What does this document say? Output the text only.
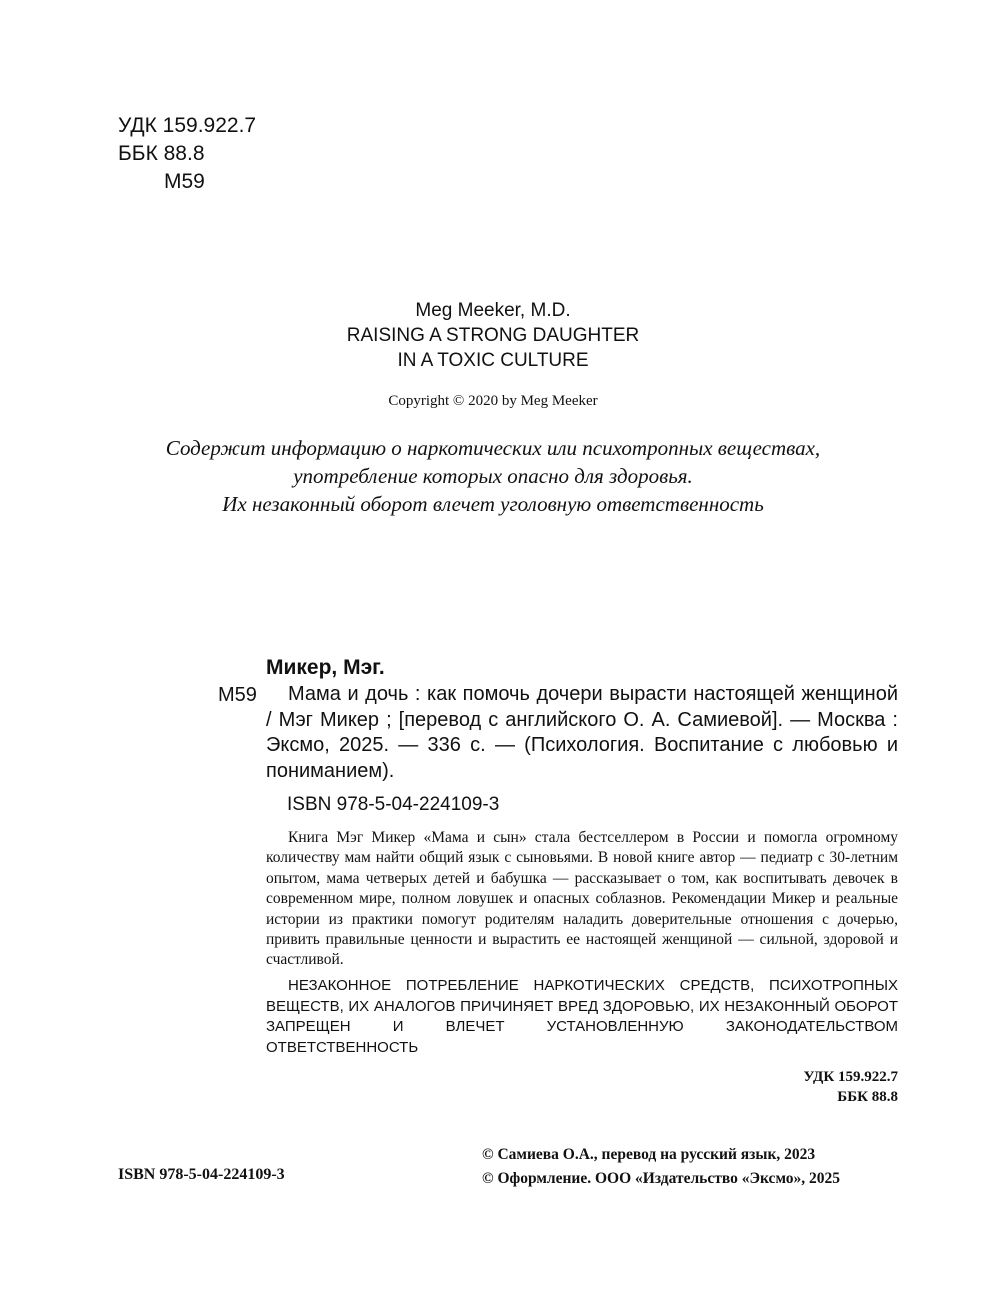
УДК 159.922.7
ББК 88.8
М59
Meg Meeker, M.D.
RAISING A STRONG DAUGHTER
IN A TOXIC CULTURE
Copyright © 2020 by Meg Meeker
Содержит информацию о наркотических или психотропных веществах,
употребление которых опасно для здоровья.
Их незаконный оборот влечет уголовную ответственность
Микер, Мэг.
М59	Мама и дочь : как помочь дочери вырасти настоящей женщиной / Мэг Микер ; [перевод с английского О. А. Самиевой]. — Москва : Эксмо, 2025. — 336 с. — (Психология. Воспитание с любовью и пониманием).
ISBN 978-5-04-224109-3
Книга Мэг Микер «Мама и сын» стала бестселлером в России и помогла огромному количеству мам найти общий язык с сыновьями. В новой книге автор — педиатр с 30-летним опытом, мама четверых детей и бабушка — рассказывает о том, как воспитывать девочек в современном мире, полном ловушек и опасных соблазнов. Рекомендации Микер и реальные истории из практики помогут родителям наладить доверительные отношения с дочерью, привить правильные ценности и вырастить ее настоящей женщиной — сильной, здоровой и счастливой.
НЕЗАКОННОЕ ПОТРЕБЛЕНИЕ НАРКОТИЧЕСКИХ СРЕДСТВ, ПСИХОТРОПНЫХ ВЕЩЕСТВ, ИХ АНАЛОГОВ ПРИЧИНЯЕТ ВРЕД ЗДОРОВЬЮ, ИХ НЕЗАКОННЫЙ ОБОРОТ ЗАПРЕЩЕН И ВЛЕЧЕТ УСТАНОВЛЕННУЮ ЗАКОНОДАТЕЛЬСТВОМ ОТВЕТСТВЕННОСТЬ
УДК 159.922.7
ББК 88.8
ISBN 978-5-04-224109-3
© Самиева О.А., перевод на русский язык, 2023
© Оформление. ООО «Издательство «Эксмо», 2025
